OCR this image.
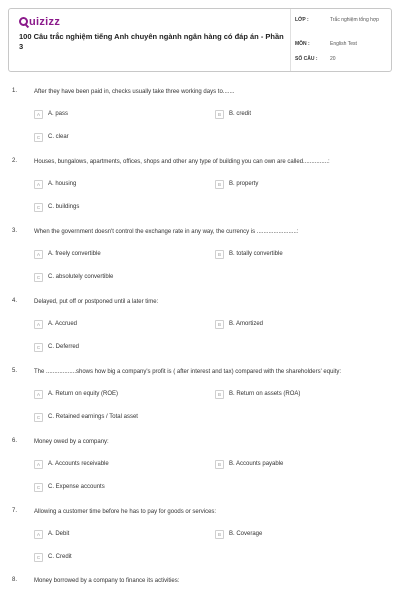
uizizz
100 Câu trắc nghiệm tiếng Anh chuyên ngành ngân hàng có đáp án - Phần 3
LỚP :	Trắc nghiệm tổng hợp
MÔN :	English Test
SỐ CÂU :	20
1.	After they have been paid in, checks usually take three working days to.......
A	A. pass	B	B. credit
C	C. clear
2.	Houses, bungalows, apartments, offices, shops and other any type of building you can own are called...............:
A	A. housing	B	B. property
C	C. buildings
3.	When the government doesn't control the exchange rate in any way, the currency is ........................:
A	A. freely convertible	B	B. totally convertible
C	C. absolutely convertible
4.	Delayed, put off or postponed until a later time:
A	A. Accrued	B	B. Amortized
C	C. Deferred
5.	The ..................shows how big a company's profit is ( after interest and tax) compared with the shareholders' equity:
A	A. Return on equity (ROE)	B	B. Return on assets (ROA)
C	C. Retained earnings / Total asset
6.	Money owed by a company:
A	A. Accounts receivable	B	B. Accounts payable
C	C. Expense accounts
7.	Allowing a customer time before he has to pay for goods or services:
A	A. Debit	B	B. Coverage
C	C. Credit
8.	Money borrowed by a company to finance its activities:
